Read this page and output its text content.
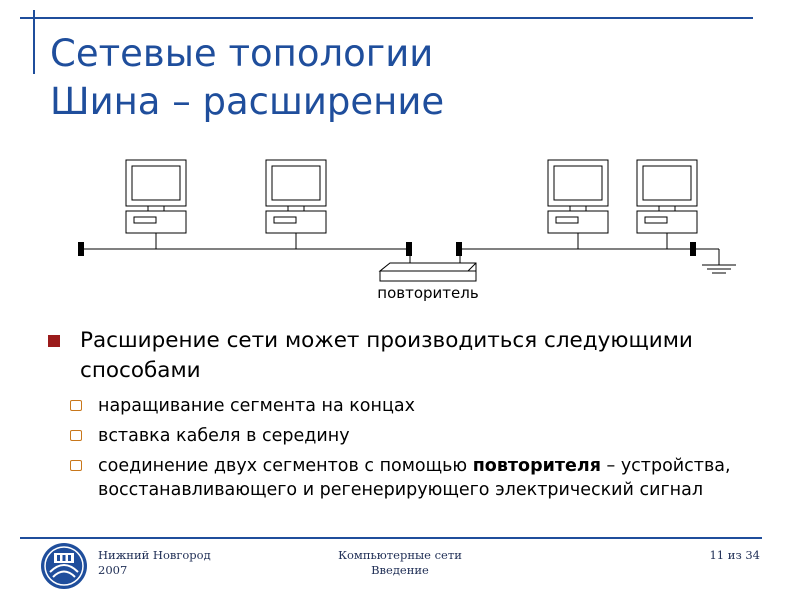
Сетевые топологии
Шина – расширение
повторитель
Расширение сети может производиться следующими способами
наращивание сегмента на концах
вставка кабеля в середину
соединение двух сегментов с помощью повторителя – устройства, восстанавливающего и регенерирующего электрический сигнал
Нижний Новгород
2007
Компьютерные сети
Введение
11 из 34
